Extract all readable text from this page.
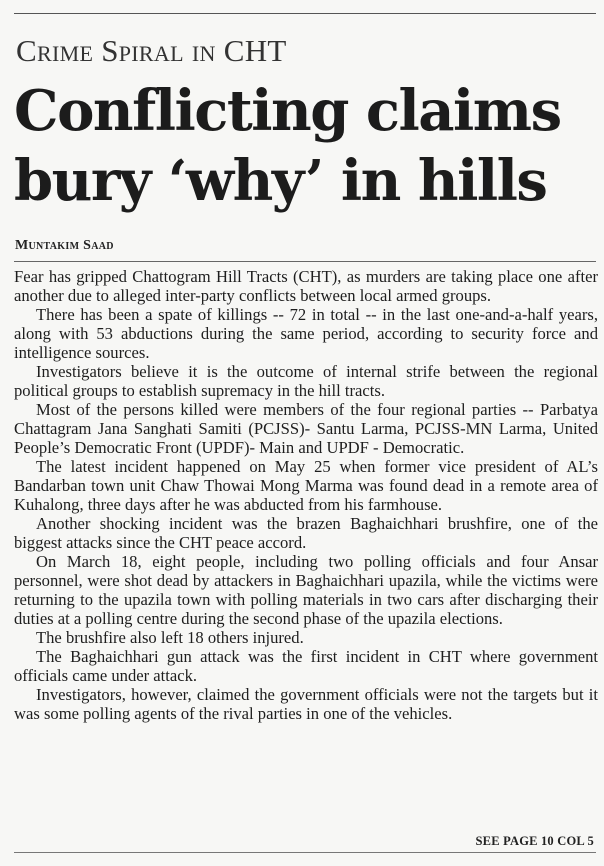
Crime Spiral in CHT
Conflicting claims bury ‘why’ in hills
Muntakim Saad

Fear has gripped Chattogram Hill Tracts (CHT), as murders are taking place one after another due to alleged inter-party conflicts between local armed groups.

There has been a spate of killings -- 72 in total -- in the last one-and-a-half years, along with 53 abductions during the same period, according to security force and intelligence sources.

Investigators believe it is the outcome of internal strife between the regional political groups to establish supremacy in the hill tracts.

Most of the persons killed were members of the four regional parties -- Parbatya Chattagram Jana Sanghati Samiti (PCJSS)- Santu Larma, PCJSS-MN Larma, United People’s Democratic Front (UPDF)- Main and UPDF - Democratic.

The latest incident happened on May 25 when former vice president of AL’s Bandarban town unit Chaw Thowai Mong Marma was found dead in a remote area of Kuhalong, three days after he was abducted from his farmhouse.

Another shocking incident was the brazen Baghaichhari brushfire, one of the biggest attacks since the CHT peace accord.

On March 18, eight people, including two polling officials and four Ansar personnel, were shot dead by attackers in Baghaichhari upazila, while the victims were returning to the upazila town with polling materials in two cars after discharging their duties at a polling centre during the second phase of the upazila elections.

The brushfire also left 18 others injured.

The Baghaichhari gun attack was the first incident in CHT where government officials came under attack.

Investigators, however, claimed the government officials were not the targets but it was some polling agents of the rival parties in one of the vehicles.

SEE PAGE 10 COL 5
